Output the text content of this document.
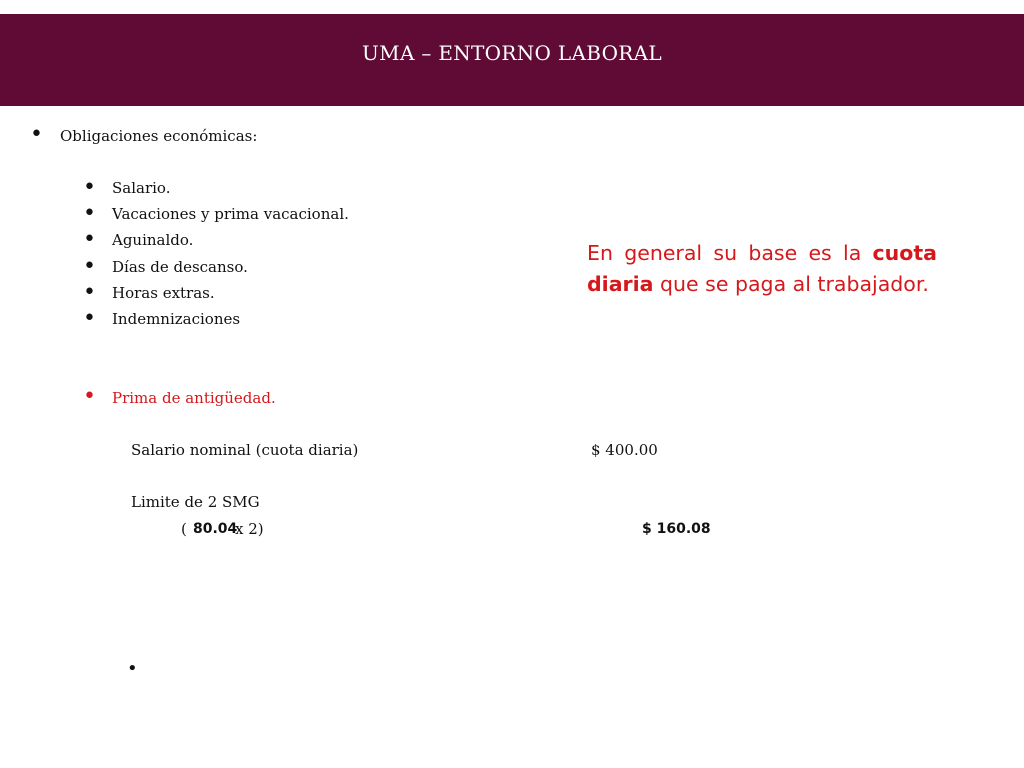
UMA – ENTORNO LABORAL
• Obligaciones económicas:
• Salario.
• Vacaciones y prima vacacional.
• Aguinaldo.
• Días de descanso.
• Horas extras.
• Indemnizaciones
• Prima de antigüedad.
Salario nominal (cuota diaria)	$ 400.00
Limite de 2 SMG
( 80.04
x 2)	$ 160.08
•
En general su base es la cuota diaria que se paga al trabajador.
